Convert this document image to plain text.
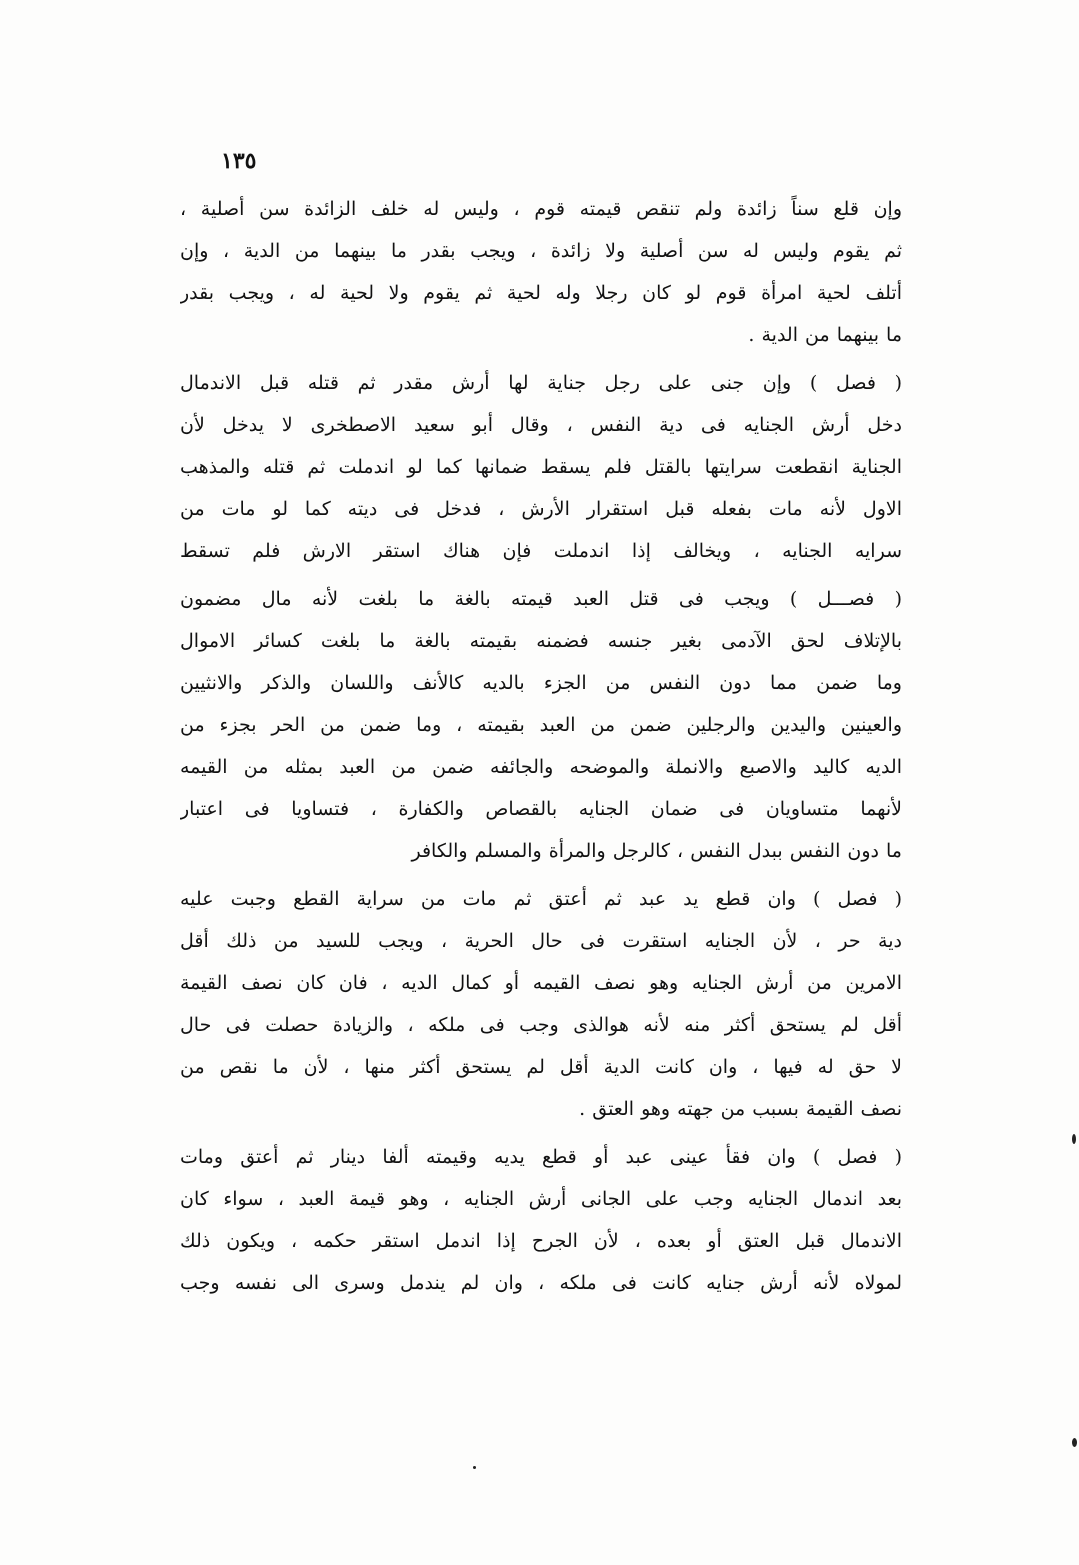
١٣٥
وإن قلع سناً زائدة ولم تنقص قيمته قوم ، وليس له خلف الزائدة سن أصلية ،
ثم يقوم وليس له سن أصلية ولا زائدة ، ويجب بقدر ما بينهما من الدية ، وإن
أتلف لحية امرأة قوم لو كان رجلا وله لحية ثم يقوم ولا لحية له ، ويجب بقدر
ما بينهما من الدية .
( فصل ) وإن جنى على رجل جناية لها أرش مقدر ثم قتله قبل الاندمال
دخل أرش الجنايه فى دية النفس ، وقال أبو سعيد الاصطخرى لا يدخل لأن
الجناية انقطعت سرايتها بالقتل فلم يسقط ضمانها كما لو اندملت ثم قتله والمذهب
الاول لأنه مات بفعله قبل استقرار الأرش ، فدخل فى ديته كما لو مات من
سرايه الجنايه ، ويخالف إذا اندملت فإن هناك استقر الارش فلم تسقط
( فصـــل ) ويجب فى قتل العبد قيمته بالغة ما بلغت لأنه مال مضمون
بالإتلاف لحق الآدمى بغير جنسه فضمنه بقيمته بالغة ما بلغت كسائر الاموال
وما ضمن مما دون النفس من الجزء بالديه كالأنف واللسان والذكر والانثيين
والعينين واليدين والرجلين ضمن من العبد بقيمته ، وما ضمن من الحر بجزء من
الديه كاليد والاصبع والانملة والموضحه والجائفه ضمن من العبد بمثله من القيمه
لأنهما متساويان فى ضمان الجنايه بالقصاص والكفارة ، فتساويا فى اعتبار
ما دون النفس ببدل النفس ، كالرجل والمرأة والمسلم والكافر
( فصل ) وان قطع يد عبد ثم أعتق ثم مات من سراية القطع وجبت عليه
دية حر ، لأن الجنايه استقرت فى حال الحرية ، ويجب للسيد من ذلك أقل
الامرين من أرش الجنايه وهو نصف القيمه أو كمال الديه ، فان كان نصف القيمة
أقل لم يستحق أكثر منه لأنه هوالذى وجب فى ملكه ، والزيادة حصلت فى حال
لا حق له فيها ، وان كانت الدية أقل لم يستحق أكثر منها ، لأن ما نقص من
نصف القيمة بسبب من جهته وهو العتق .
( فصل ) وان فقأ عينى عبد أو قطع يديه وقيمته ألفا دينار ثم أعتق ومات
بعد اندمال الجنايه وجب على الجانى أرش الجنايه ، وهو قيمة العبد ، سواء كان
الاندمال قبل العتق أو بعده ، لأن الجرح إذا اندمل استقر حكمه ، ويكون ذلك
لمولاه لأنه أرش جنايه كانت فى ملكه ، وان لم يندمل وسرى الى نفسه وجب
